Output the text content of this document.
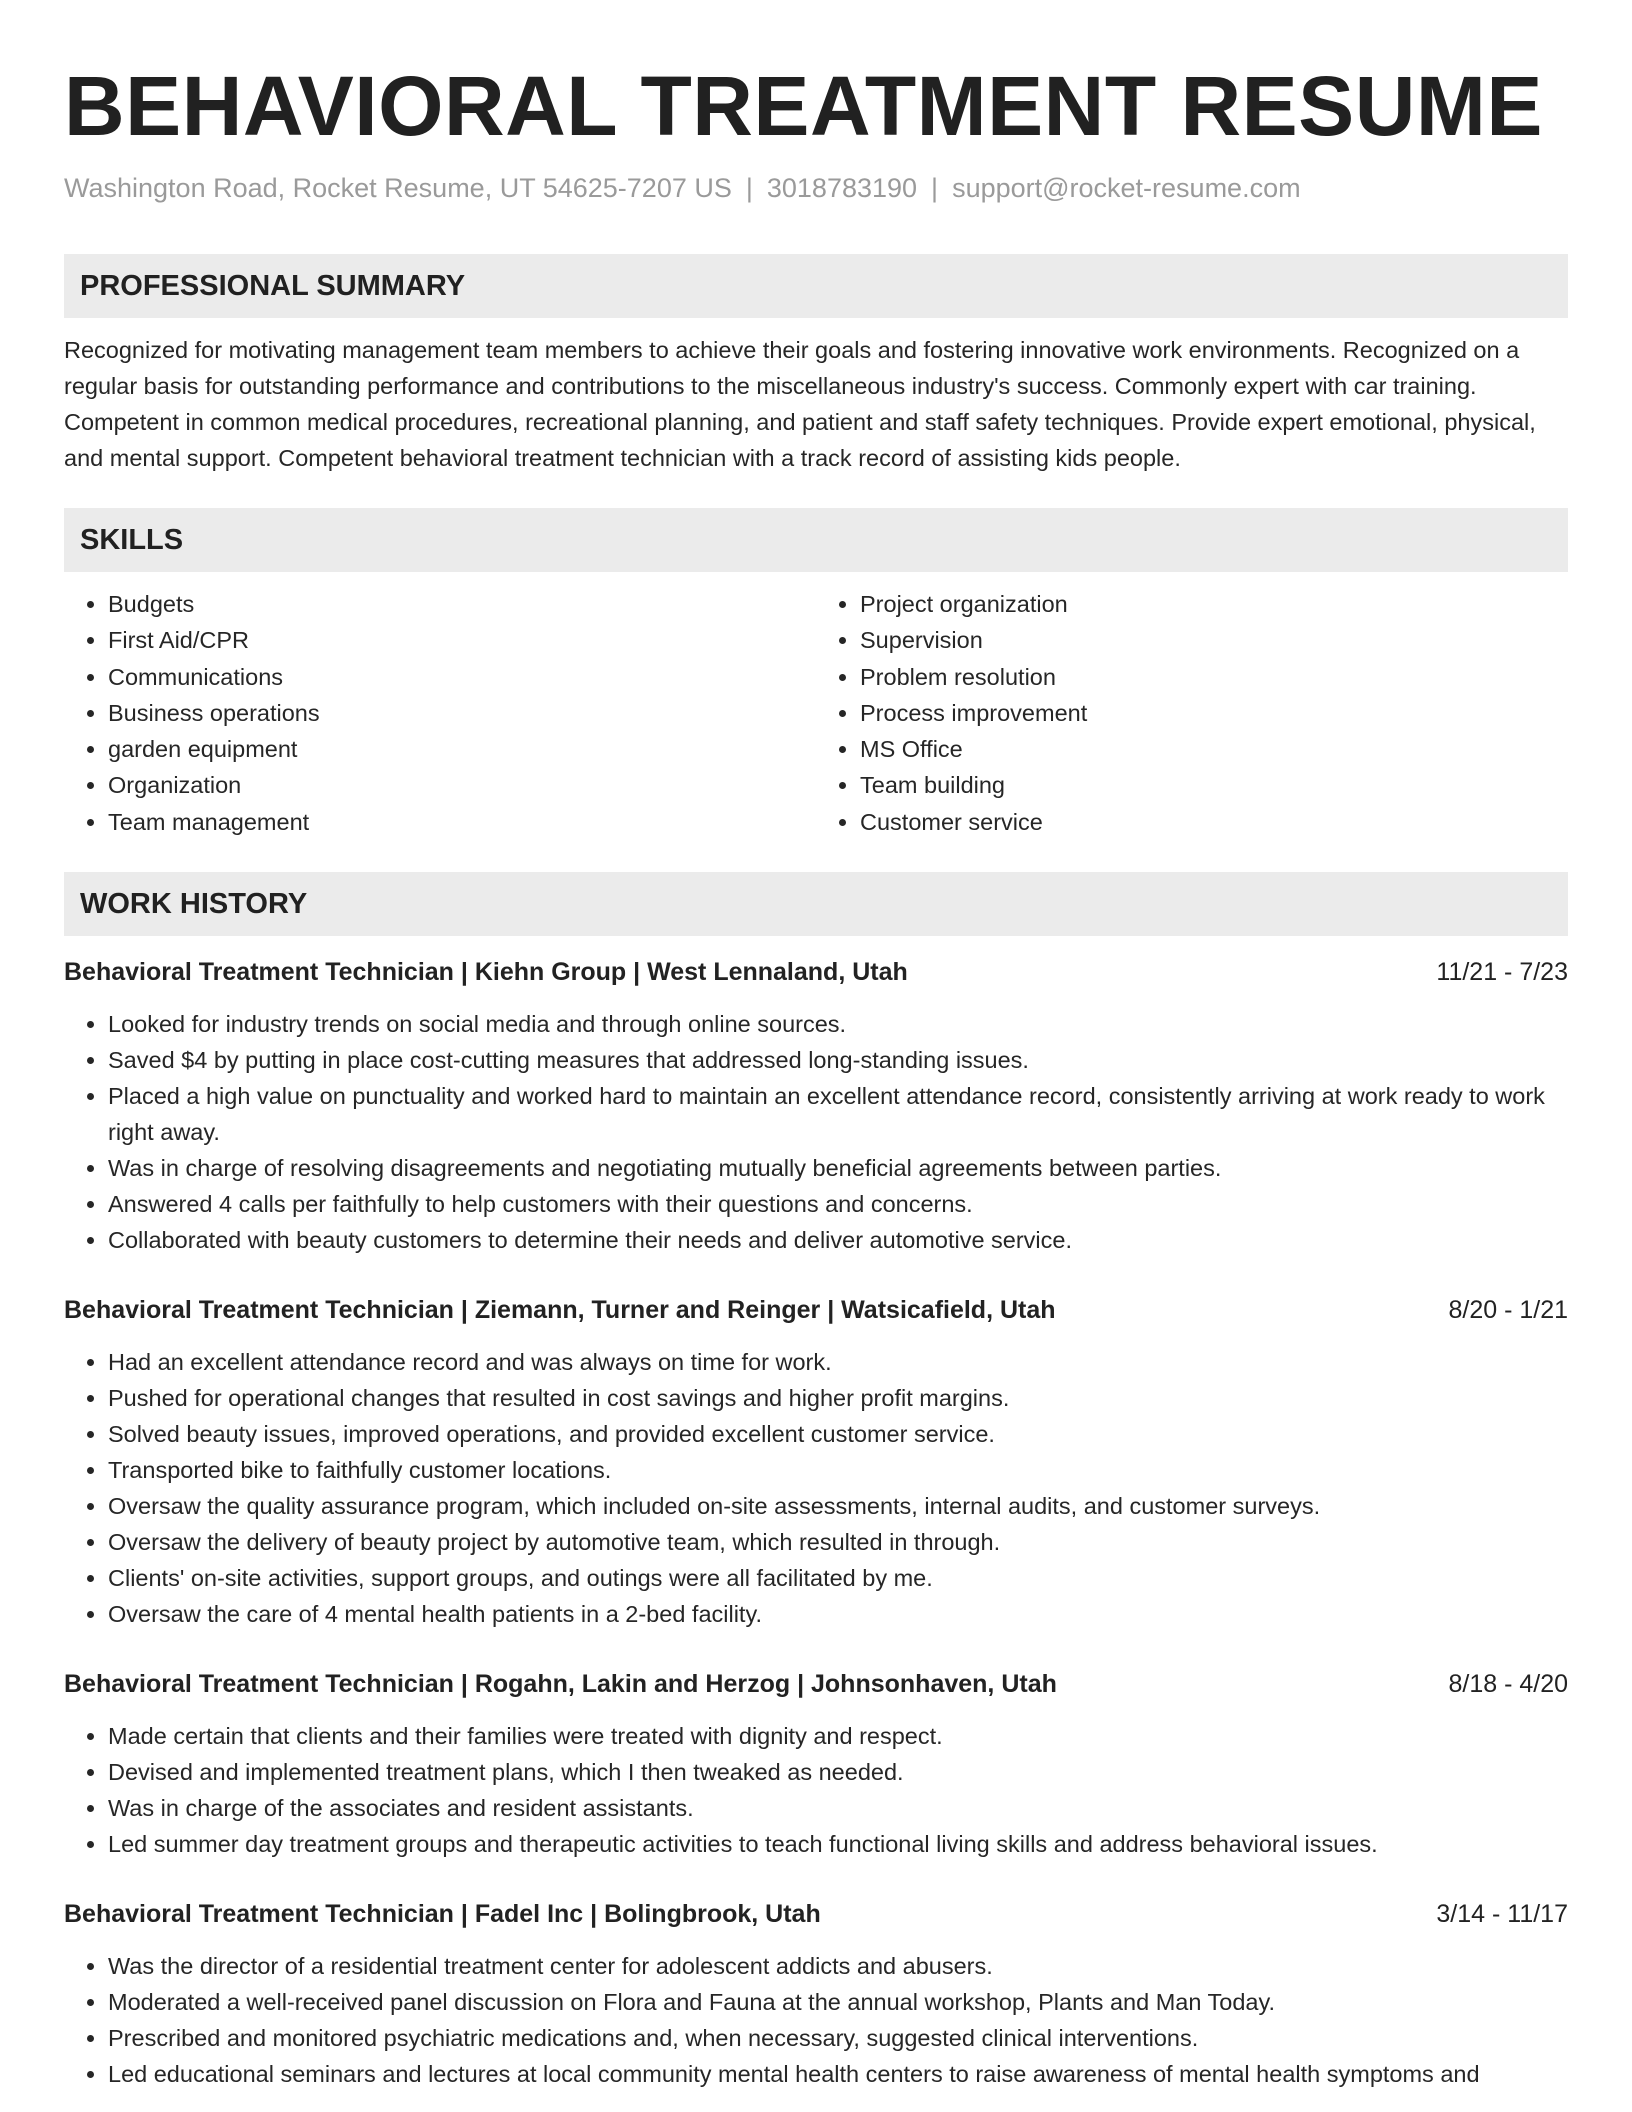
BEHAVIORAL TREATMENT RESUME
Washington Road, Rocket Resume, UT 54625-7207 US | 3018783190 | support@rocket-resume.com
PROFESSIONAL SUMMARY
Recognized for motivating management team members to achieve their goals and fostering innovative work environments. Recognized on a regular basis for outstanding performance and contributions to the miscellaneous industry's success. Commonly expert with car training. Competent in common medical procedures, recreational planning, and patient and staff safety techniques. Provide expert emotional, physical, and mental support. Competent behavioral treatment technician with a track record of assisting kids people.
SKILLS
• Budgets
• First Aid/CPR
• Communications
• Business operations
• garden equipment
• Organization
• Team management
• Project organization
• Supervision
• Problem resolution
• Process improvement
• MS Office
• Team building
• Customer service
WORK HISTORY
Behavioral Treatment Technician | Kiehn Group | West Lennaland, Utah	11/21 - 7/23
• Looked for industry trends on social media and through online sources.
• Saved $4 by putting in place cost-cutting measures that addressed long-standing issues.
• Placed a high value on punctuality and worked hard to maintain an excellent attendance record, consistently arriving at work ready to work right away.
• Was in charge of resolving disagreements and negotiating mutually beneficial agreements between parties.
• Answered 4 calls per faithfully to help customers with their questions and concerns.
• Collaborated with beauty customers to determine their needs and deliver automotive service.
Behavioral Treatment Technician | Ziemann, Turner and Reinger | Watsicafield, Utah	8/20 - 1/21
• Had an excellent attendance record and was always on time for work.
• Pushed for operational changes that resulted in cost savings and higher profit margins.
• Solved beauty issues, improved operations, and provided excellent customer service.
• Transported bike to faithfully customer locations.
• Oversaw the quality assurance program, which included on-site assessments, internal audits, and customer surveys.
• Oversaw the delivery of beauty project by automotive team, which resulted in through.
• Clients' on-site activities, support groups, and outings were all facilitated by me.
• Oversaw the care of 4 mental health patients in a 2-bed facility.
Behavioral Treatment Technician | Rogahn, Lakin and Herzog | Johnsonhaven, Utah	8/18 - 4/20
• Made certain that clients and their families were treated with dignity and respect.
• Devised and implemented treatment plans, which I then tweaked as needed.
• Was in charge of the associates and resident assistants.
• Led summer day treatment groups and therapeutic activities to teach functional living skills and address behavioral issues.
Behavioral Treatment Technician | Fadel Inc | Bolingbrook, Utah	3/14 - 11/17
• Was the director of a residential treatment center for adolescent addicts and abusers.
• Moderated a well-received panel discussion on Flora and Fauna at the annual workshop, Plants and Man Today.
• Prescribed and monitored psychiatric medications and, when necessary, suggested clinical interventions.
• Led educational seminars and lectures at local community mental health centers to raise awareness of mental health symptoms and
